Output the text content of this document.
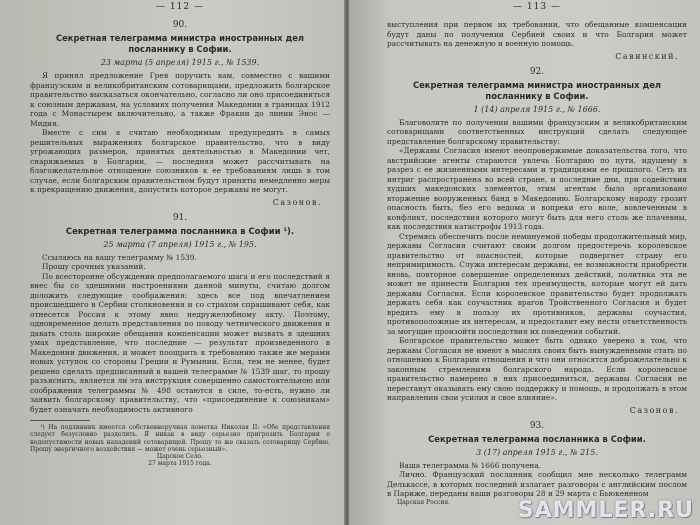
— 112 —
90.
Секретная телеграмма министра иностранных дел посланнику в Софии.
23 марта (5 апреля) 1915 г., № 1539.

Я принял предложение Грея поручить вам, совместно с вашими французским и великобританским сотоварищами, предложить болгарское правительство высказаться окончательно, согласно ли оно присоединиться к союзным державам, на условиях получения Македонии в границах 1912 года с Монастырем включительно, а также Фракии до линии Энос — Мидия.

Вместе с сим я считаю необходимым предупредить в самых решительных выражениях болгарское правительство, что в виду угрожающих размеров, принятых деятельностью в Македонии чет, снаряжаемых в Болгарии, — последняя может рассчитывать на благожелательное отношение союзников к ее требованиям лишь в том случае, если болгарским правительством будут приняты немедленно меры к прекращению движения, допустить которое державы не могут.

Сазонов.
91.
Секретная телеграмма посланника в Софии ¹).
25 марта (7 апреля) 1915 г., № 195.

Ссылаюсь на вашу телеграмму № 1539.

Прошу срочных указаний.

По всесторонне обсуждении предполагаемого шага и его последствий я внес бы со здешними настроениями данной минуты, считаю долгом доложить следующие соображения: здесь все под впечатлением происшедшего в Сербии столкновения и со страхом спрашивают себя, как отнесется Россия к этому явно недружелюбному акту. Поэтому, одновременное делать представления по поводу четнического движения и давать столь широкие обещания компенсации может вызвать в здешних умах представление, что последние — результат произведенного в Македонии движения, и может поощрить к требованию также же мерами новых уступок со стороны Греции и Румынии. Если, тем не менее, будет решено сделать предписанный в вашей телеграмме № 1539 шаг, то прошу разъяснить, является ли эта инструкция совершенно самостоятельною или соображения телеграммы № 498 остаются в силе, то-есть, нужно ли заявить болгарскому правительству, что «присоединение к союзникам» будет означать необходимость активного

¹) На подлинник имеется собственноручная пометка Николая II: «Обе представления следует безусловно разделить. Я никак в виду серьезно пригрозить Болгарии о недопустимости новых нападений сотоварищей. Прошу то же сказать сотоварищу Сербию. Прошу энергичного воздействия — может очень серьезный».

Царское Село.

27 марта 1915 года.

— 113 —

выступления при первом их требовании, что обещанные компенсации будут даны по получении Сербией своих и что Болгария может рассчитывать на денежную и военную помощь.

Савинский.
92.
Секретная телеграмма министра иностранных дел посланнику в Софии.
1 (14) апреля 1915 г., № 1666.

Благоволите по получении вашими французским и великобританским сотоварищами соответственных инструкций сделать следующее представление болгарскому правительству:

«Державы Согласия имеют неопровержимые доказательства того, что австрийские агенты стараются увлечь Болгарию по пути, идущему в разрез с ее жизненными интересами и традициями ее прошлого. Сеть их интриг распространена во всей стране, и последние дни, при содействии худших македонских элементов, этим агентам было организовано вторжение вооруженных банд в Македонию. Болгарскому народу грозит опасность быть, без его ведома и вопреки его воле, вовлеченным в конфликт, последствия которого могут быть для него столь же плачевны, как последствия катастрофы 1913 года.

Стремясь обеспечить после неминуемой победы продолжительный мир, державы Согласия считают своим долгом предостеречь королевское правительство от опасностей, которые подвергнет страну его непримиримость. Служа интересам державы, ее возможности приобрести вновь, повторное совершение определенных действий, политика эта не может не принести Болгарии тех преимуществ, которые могут ей дать державы Согласия. Если королевское правительство будет продолжать держать себя как соучастник врагов Тройственного Согласия и будет вредить ему в пользу их противников, державы соучастия, противоположные их интересам, и предоставит ему нести ответственность за могущие произойти последствия их поведения событий.

Болгарское правительство может быть однако уверено в том, что державы Согласия не имеют в мыслях своих быть вынужденными стать по отношению к Болгарии отношения и что они относятся доброжелательно к законным стремлениям болгарского народа. Если королевское правительство намерено в них присоединиться, державы Согласия не перестанут оказывать ему свою поддержку и помощь, и продолжать в этом направлении свои усилия и свое влияние».

Сазонов.
93.
Секретная телеграмма посланника в Софии.
3 (17) апреля 1915 г., № 215.

Ваша телеграмма № 1666 получена.

Лично. Французский посланник сообщил мне несколько телеграмм Делькассе, в которых последний излагает разговоры с английским послом в Париже, переданы ваши разговоры 28 и 29 марта с Бьюкененом

Царская Россия.	SAMMLER.RU
